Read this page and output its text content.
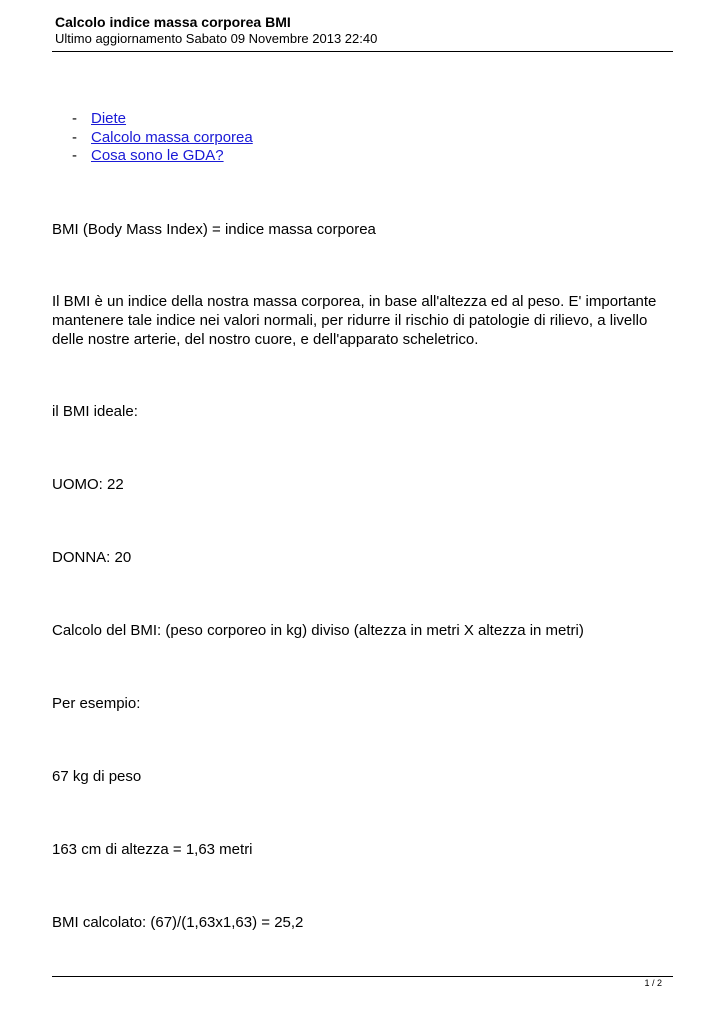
Calcolo indice massa corporea BMI

Ultimo aggiornamento Sabato 09 Novembre 2013 22:40

- Diete
- Calcolo massa corporea
- Cosa sono le GDA?

BMI (Body Mass Index) = indice massa corporea

Il BMI è un indice della nostra massa corporea, in base all'altezza ed al peso. E' importante mantenere tale indice nei valori normali, per ridurre il rischio di patologie di rilievo, a livello delle nostre arterie, del nostro cuore, e dell'apparato scheletrico.

il BMI ideale:

UOMO: 22

DONNA: 20

Calcolo del BMI: (peso corporeo in kg) diviso (altezza in metri X altezza in metri)

Per esempio:

67 kg di peso

163 cm di altezza = 1,63 metri

BMI calcolato: (67)/(1,63x1,63) = 25,2

1 / 2
